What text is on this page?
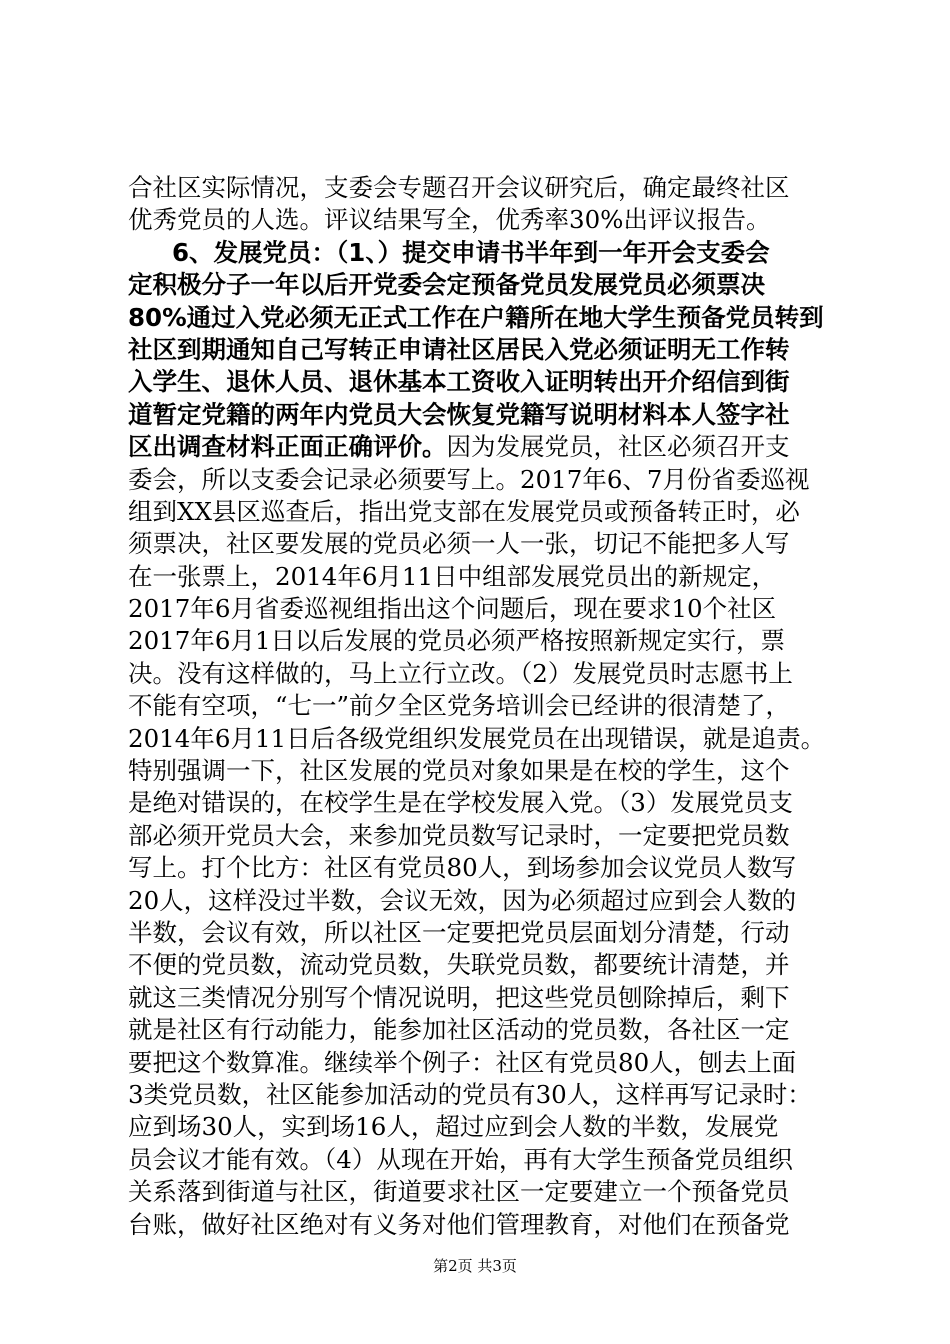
合社区实际情况，支委会专题召开会议研究后，确定最终社区
优秀党员的人选。评议结果写全，优秀率30%出评议报告。
6、发展党员：（1、）提交申请书半年到一年开会支委会
定积极分子一年以后开党委会定预备党员发展党员必须票决
80%通过入党必须无正式工作在户籍所在地大学生预备党员转到
社区到期通知自己写转正申请社区居民入党必须证明无工作转
入学生、退休人员、退休基本工资收入证明转出开介绍信到街
道暂定党籍的两年内党员大会恢复党籍写说明材料本人签字社
区出调查材料正面正确评价。因为发展党员，社区必须召开支
委会，所以支委会记录必须要写上。2017年6、7月份省委巡视
组到XX县区巡查后，指出党支部在发展党员或预备转正时，必
须票决，社区要发展的党员必须一人一张，切记不能把多人写
在一张票上，2014年6月11日中组部发展党员出的新规定，
2017年6月省委巡视组指出这个问题后，现在要求10个社区
2017年6月1日以后发展的党员必须严格按照新规定实行，票
决。没有这样做的，马上立行立改。（2）发展党员时志愿书上
不能有空项，“七一”前夕全区党务培训会已经讲的很清楚了，
2014年6月11日后各级党组织发展党员在出现错误，就是追责。
特别强调一下，社区发展的党员对象如果是在校的学生，这个
是绝对错误的，在校学生是在学校发展入党。（3）发展党员支
部必须开党员大会，来参加党员数写记录时，一定要把党员数
写上。打个比方：社区有党员80人，到场参加会议党员人数写
20人，这样没过半数，会议无效，因为必须超过应到会人数的
半数，会议有效，所以社区一定要把党员层面划分清楚，行动
不便的党员数，流动党员数，失联党员数，都要统计清楚，并
就这三类情况分别写个情况说明，把这些党员刨除掉后，剩下
就是社区有行动能力，能参加社区活动的党员数，各社区一定
要把这个数算准。继续举个例子：社区有党员80人，刨去上面
3类党员数，社区能参加活动的党员有30人，这样再写记录时：
应到场30人，实到场16人，超过应到会人数的半数，发展党
员会议才能有效。（4）从现在开始，再有大学生预备党员组织
关系落到街道与社区，街道要求社区一定要建立一个预备党员
台账，做好社区绝对有义务对他们管理教育，对他们在预备党
第2页 共3页
